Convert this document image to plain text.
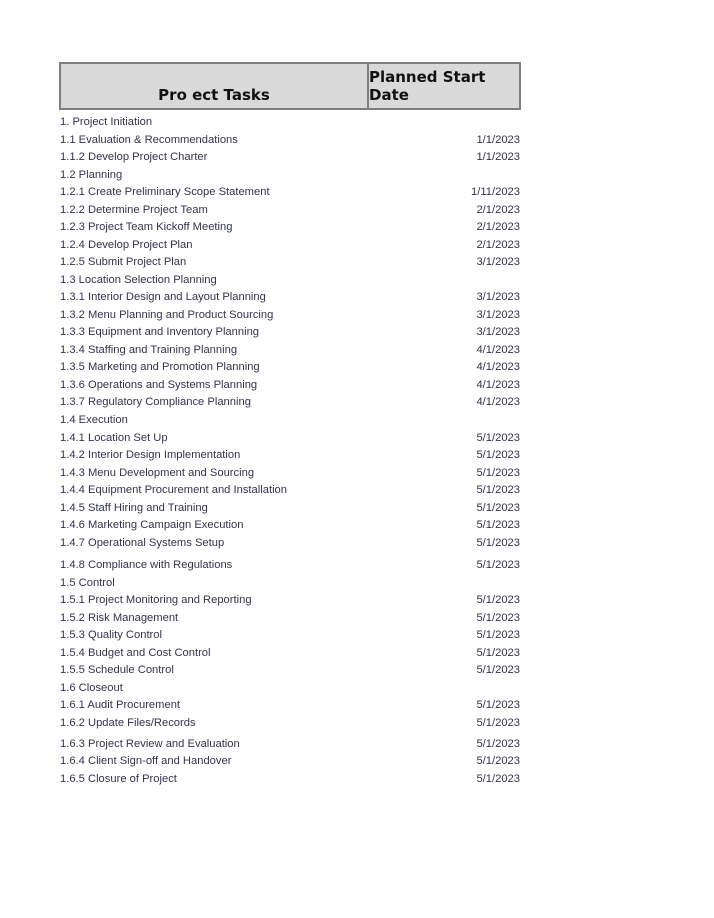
Pro ect Tasks
Planned Start Date
1. Project Initiation
1.1 Evaluation & Recommendations	1/1/2023
1.1.2 Develop Project Charter	1/1/2023
1.2 Planning
1.2.1 Create Preliminary Scope Statement	1/11/2023
1.2.2 Determine Project Team	2/1/2023
1.2.3 Project Team Kickoff Meeting	2/1/2023
1.2.4 Develop Project Plan	2/1/2023
1.2.5 Submit Project Plan	3/1/2023
1.3 Location Selection Planning
1.3.1 Interior Design and Layout Planning	3/1/2023
1.3.2 Menu Planning and Product Sourcing	3/1/2023
1.3.3 Equipment and Inventory Planning	3/1/2023
1.3.4 Staffing and Training Planning	4/1/2023
1.3.5 Marketing and Promotion Planning	4/1/2023
1.3.6 Operations and Systems Planning	4/1/2023
1.3.7 Regulatory Compliance Planning	4/1/2023
1.4 Execution
1.4.1 Location Set Up	5/1/2023
1.4.2 Interior Design Implementation	5/1/2023
1.4.3 Menu Development and Sourcing	5/1/2023
1.4.4 Equipment Procurement and Installation	5/1/2023
1.4.5 Staff Hiring and Training	5/1/2023
1.4.6 Marketing Campaign Execution	5/1/2023
1.4.7 Operational Systems Setup	5/1/2023
1.4.8 Compliance with Regulations	5/1/2023
1.5 Control
1.5.1 Project Monitoring and Reporting	5/1/2023
1.5.2 Risk Management	5/1/2023
1.5.3 Quality Control	5/1/2023
1.5.4 Budget and Cost Control	5/1/2023
1.5.5 Schedule Control	5/1/2023
1.6 Closeout
1.6.1 Audit Procurement	5/1/2023
1.6.2 Update Files/Records	5/1/2023
1.6.3 Project Review and Evaluation	5/1/2023
1.6.4 Client Sign-off and Handover	5/1/2023
1.6.5 Closure of Project	5/1/2023
